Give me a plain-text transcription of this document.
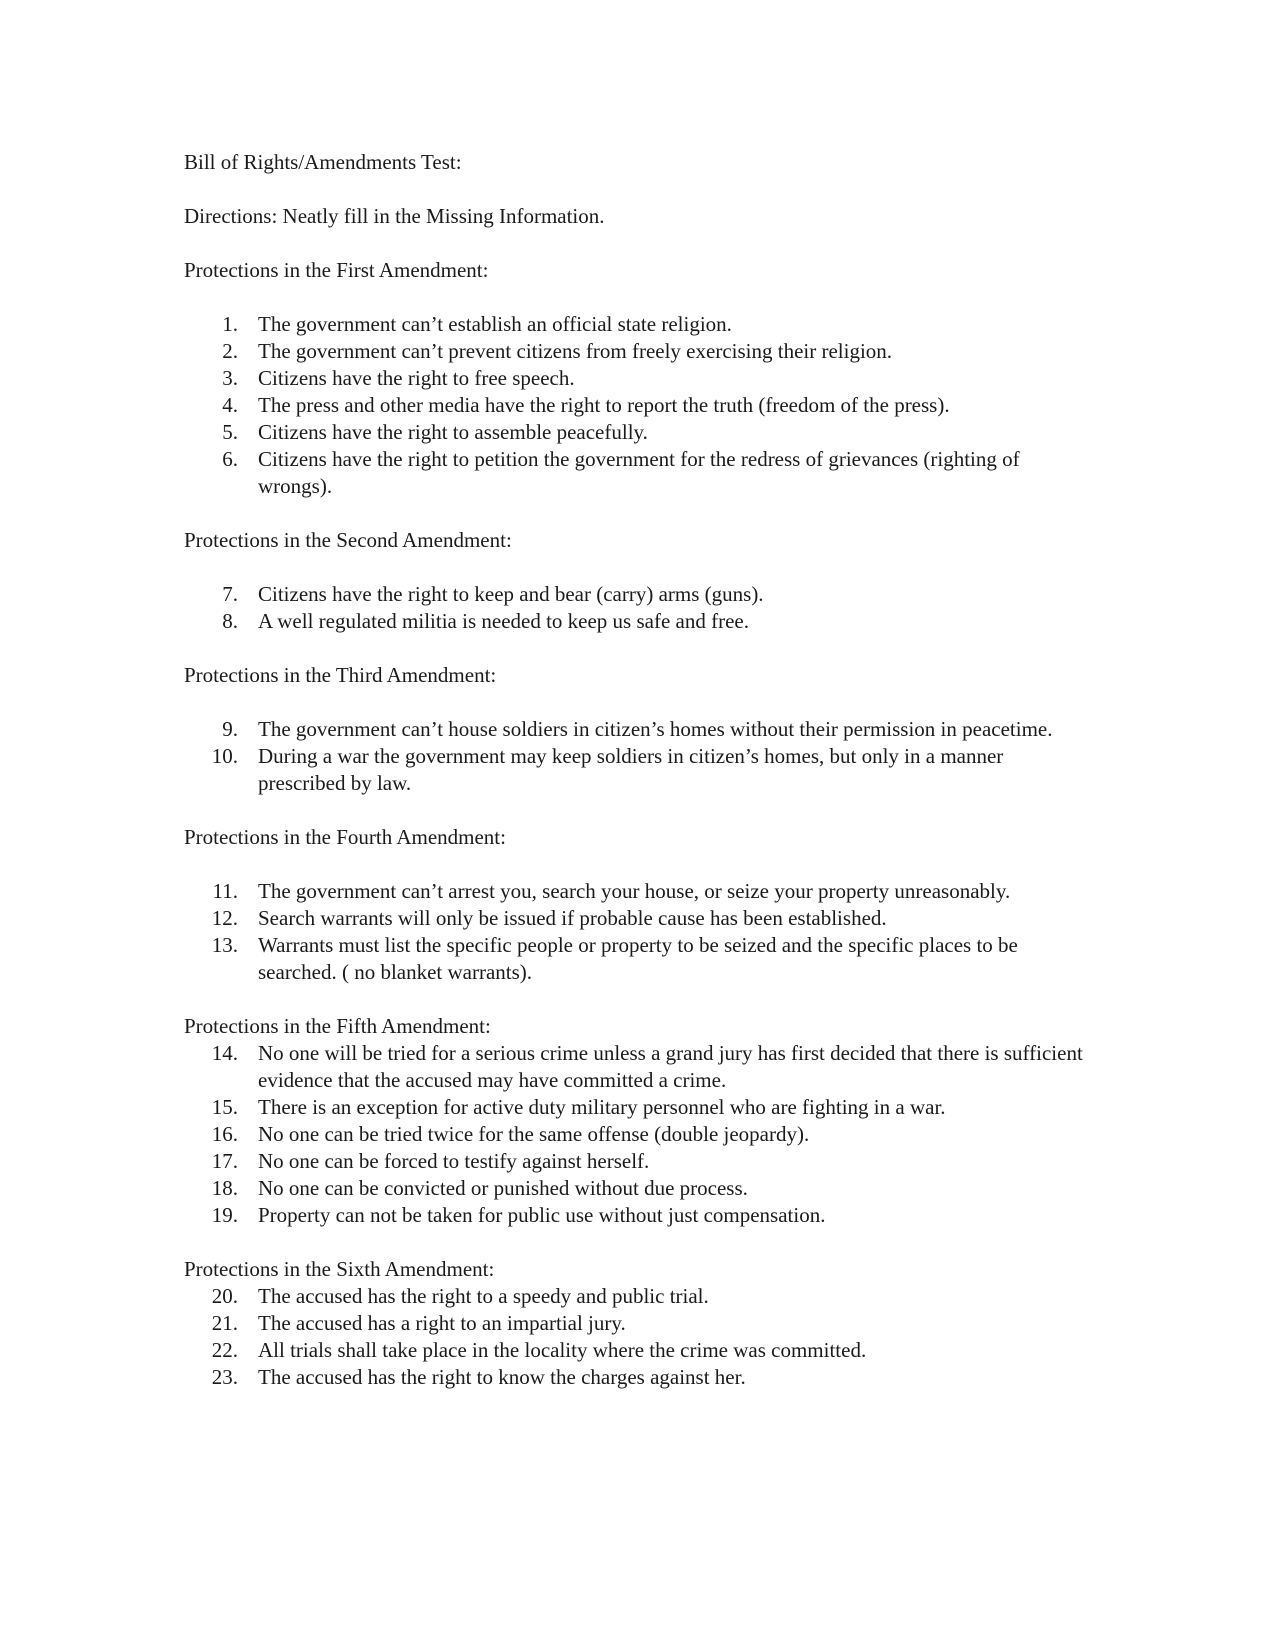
Bill of Rights/Amendments Test:

Directions: Neatly fill in the Missing Information.

Protections in the First Amendment:

1. The government can’t establish an official state religion.
2. The government can’t prevent citizens from freely exercising their religion.
3. Citizens have the right to free speech.
4. The press and other media have the right to report the truth (freedom of the press).
5. Citizens have the right to assemble peacefully.
6. Citizens have the right to petition the government for the redress of grievances (righting of wrongs).

Protections in the Second Amendment:

7. Citizens have the right to keep and bear (carry) arms (guns).
8. A well regulated militia is needed to keep us safe and free.

Protections in the Third Amendment:

9. The government can’t house soldiers in citizen’s homes without their permission in peacetime.
10. During a war the government may keep soldiers in citizen’s homes, but only in a manner prescribed by law.

Protections in the Fourth Amendment:

11. The government can’t arrest you, search your house, or seize your property unreasonably.
12. Search warrants will only be issued if probable cause has been established.
13. Warrants must list the specific people or property to be seized and the specific places to be searched. ( no blanket warrants).

Protections in the Fifth Amendment:

14. No one will be tried for a serious crime unless a grand jury has first decided that there is sufficient evidence that the accused may have committed a crime.
15. There is an exception for active duty military personnel who are fighting in a war.
16. No one can be tried twice for the same offense (double jeopardy).
17. No one can be forced to testify against herself.
18. No one can be convicted or punished without due process.
19. Property can not be taken for public use without just compensation.

Protections in the Sixth Amendment:

20. The accused has the right to a speedy and public trial.
21. The accused has a right to an impartial jury.
22. All trials shall take place in the locality where the crime was committed.
23. The accused has the right to know the charges against her.
